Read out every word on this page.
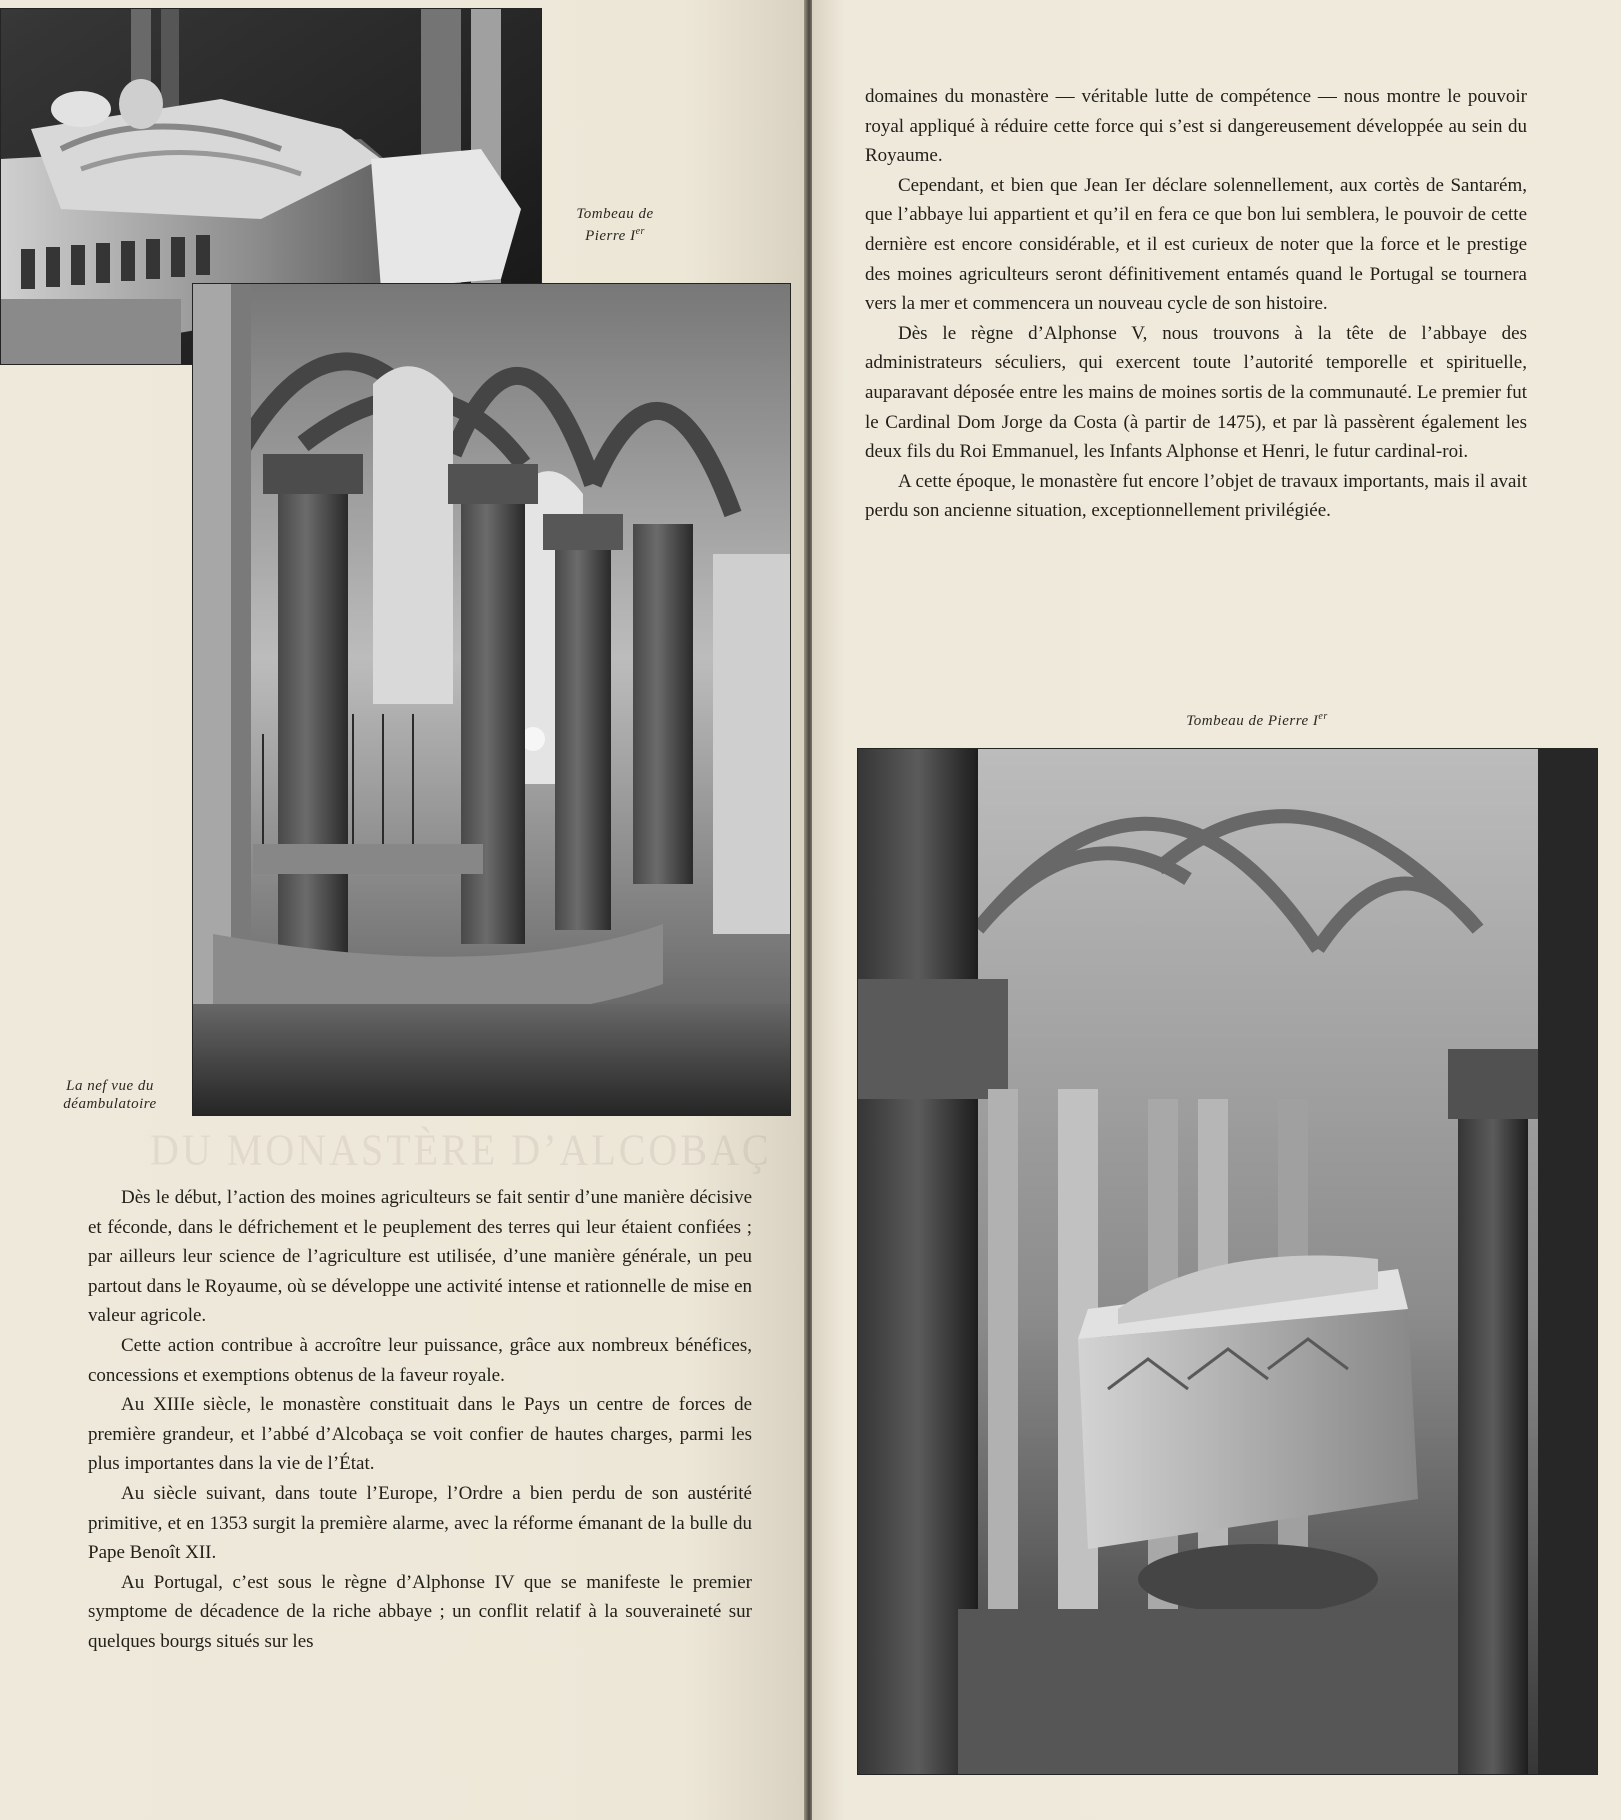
Tombeau de
Pierre Ier
La nef vue du
déambulatoire
DU MONASTÈRE D’ALCOBAÇ

Dès le début, l’action des moines agriculteurs se fait sentir d’une manière décisive et féconde, dans le défrichement et le peuplement des terres qui leur étaient confiées ; par ailleurs leur science de l’agriculture est utilisée, d’une manière générale, un peu partout dans le Royaume, où se développe une activité intense et rationnelle de mise en valeur agricole.

Cette action contribue à accroître leur puissance, grâce aux nombreux bénéfices, concessions et exemptions obtenus de la faveur royale.

Au XIIIe siècle, le monastère constituait dans le Pays un centre de forces de première grandeur, et l’abbé d’Alcobaça se voit confier de hautes charges, parmi les plus importantes dans la vie de l’État.

Au siècle suivant, dans toute l’Europe, l’Ordre a bien perdu de son austérité primitive, et en 1353 surgit la première alarme, avec la réforme émanant de la bulle du Pape Benoît XII.

Au Portugal, c’est sous le règne d’Alphonse IV que se manifeste le premier symptome de décadence de la riche abbaye ; un conflit relatif à la souveraineté sur quelques bourgs situés sur les

domaines du monastère — véritable lutte de compétence — nous montre le pouvoir royal appliqué à réduire cette force qui s’est si dangereusement développée au sein du Royaume.

Cependant, et bien que Jean Ier déclare solennellement, aux cortès de Santarém, que l’abbaye lui appartient et qu’il en fera ce que bon lui semblera, le pouvoir de cette dernière est encore considérable, et il est curieux de noter que la force et le prestige des moines agriculteurs seront définitivement entamés quand le Portugal se tournera vers la mer et commencera un nouveau cycle de son histoire.

Dès le règne d’Alphonse V, nous trouvons à la tête de l’abbaye des administrateurs séculiers, qui exercent toute l’autorité temporelle et spirituelle, auparavant déposée entre les mains de moines sortis de la communauté. Le premier fut le Cardinal Dom Jorge da Costa (à partir de 1475), et par là passèrent également les deux fils du Roi Emmanuel, les Infants Alphonse et Henri, le futur cardinal-roi.

A cette époque, le monastère fut encore l’objet de travaux importants, mais il avait perdu son ancienne situation, exceptionnellement privilégiée.

Tombeau de Pierre Ier
